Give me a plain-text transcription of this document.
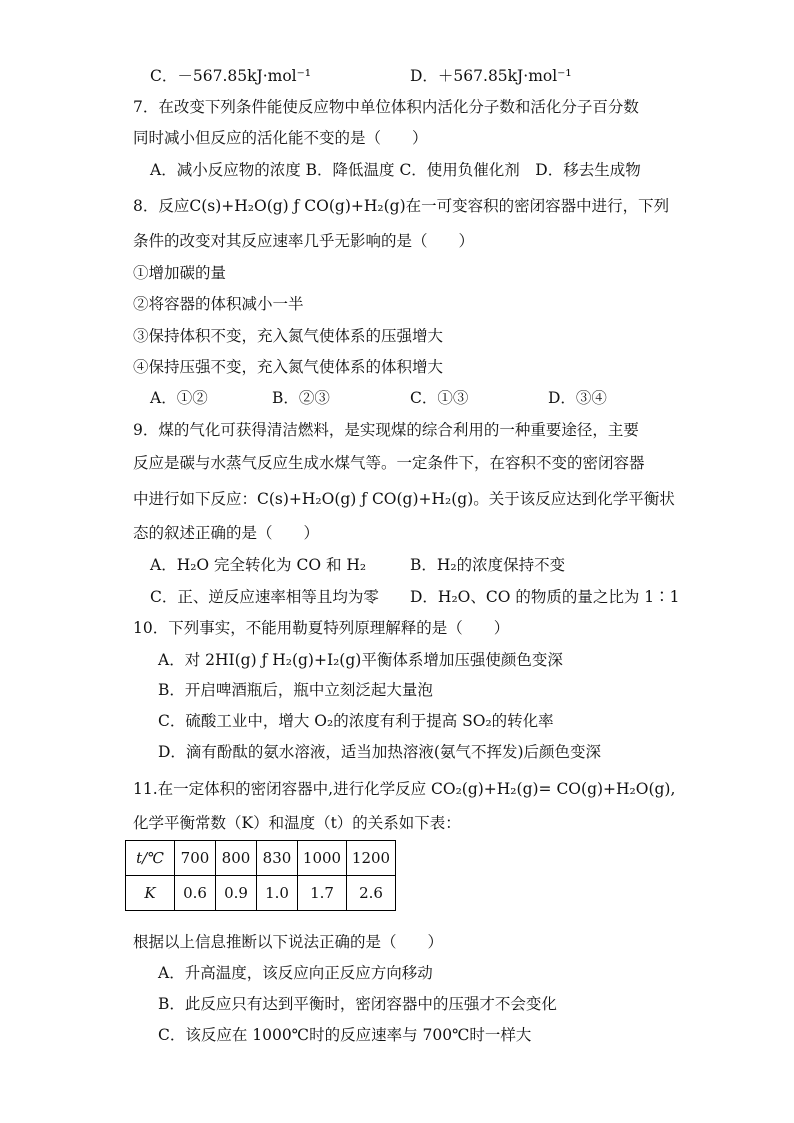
C．－567.85kJ·mol⁻¹	D．＋567.85kJ·mol⁻¹
7．在改变下列条件能使反应物中单位体积内活化分子数和活化分子百分数
同时减小但反应的活化能不变的是（　　）
A．减小反应物的浓度 B．降低温度 C．使用负催化剂　D．移去生成物
8．反应C(s)+H₂O(g) ƒ CO(g)+H₂(g)在一可变容积的密闭容器中进行，下列
条件的改变对其反应速率几乎无影响的是（　　）
①增加碳的量
②将容器的体积减小一半
③保持体积不变，充入氮气使体系的压强增大
④保持压强不变，充入氮气使体系的体积增大
A．①②	B．②③	C．①③	D．③④
9．煤的气化可获得清洁燃料，是实现煤的综合利用的一种重要途径，主要
反应是碳与水蒸气反应生成水煤气等。一定条件下，在容积不变的密闭容器
中进行如下反应：C(s)+H₂O(g) ƒ CO(g)+H₂(g)。关于该反应达到化学平衡状
态的叙述正确的是（　　）
A．H₂O 完全转化为 CO 和 H₂	B．H₂的浓度保持不变
C．正、逆反应速率相等且均为零 D．H₂O、CO 的物质的量之比为 1∶1
10．下列事实，不能用勒夏特列原理解释的是（　　）
A．对 2HI(g) ƒ H₂(g)+I₂(g)平衡体系增加压强使颜色变深
B．开启啤酒瓶后，瓶中立刻泛起大量泡
C．硫酸工业中，增大 O₂的浓度有利于提高 SO₂的转化率
D．滴有酚酞的氨水溶液，适当加热溶液(氨气不挥发)后颜色变深
11.在一定体积的密闭容器中,进行化学反应 CO₂(g)+H₂(g)= CO(g)+H₂O(g),
化学平衡常数（K）和温度（t）的关系如下表：
t/℃	700	800	830	1000	1200
K	0.6	0.9	1.0	1.7	2.6
根据以上信息推断以下说法正确的是（　　）
A．升高温度，该反应向正反应方向移动
B．此反应只有达到平衡时，密闭容器中的压强才不会变化
C．该反应在 1000℃时的反应速率与 700℃时一样大
